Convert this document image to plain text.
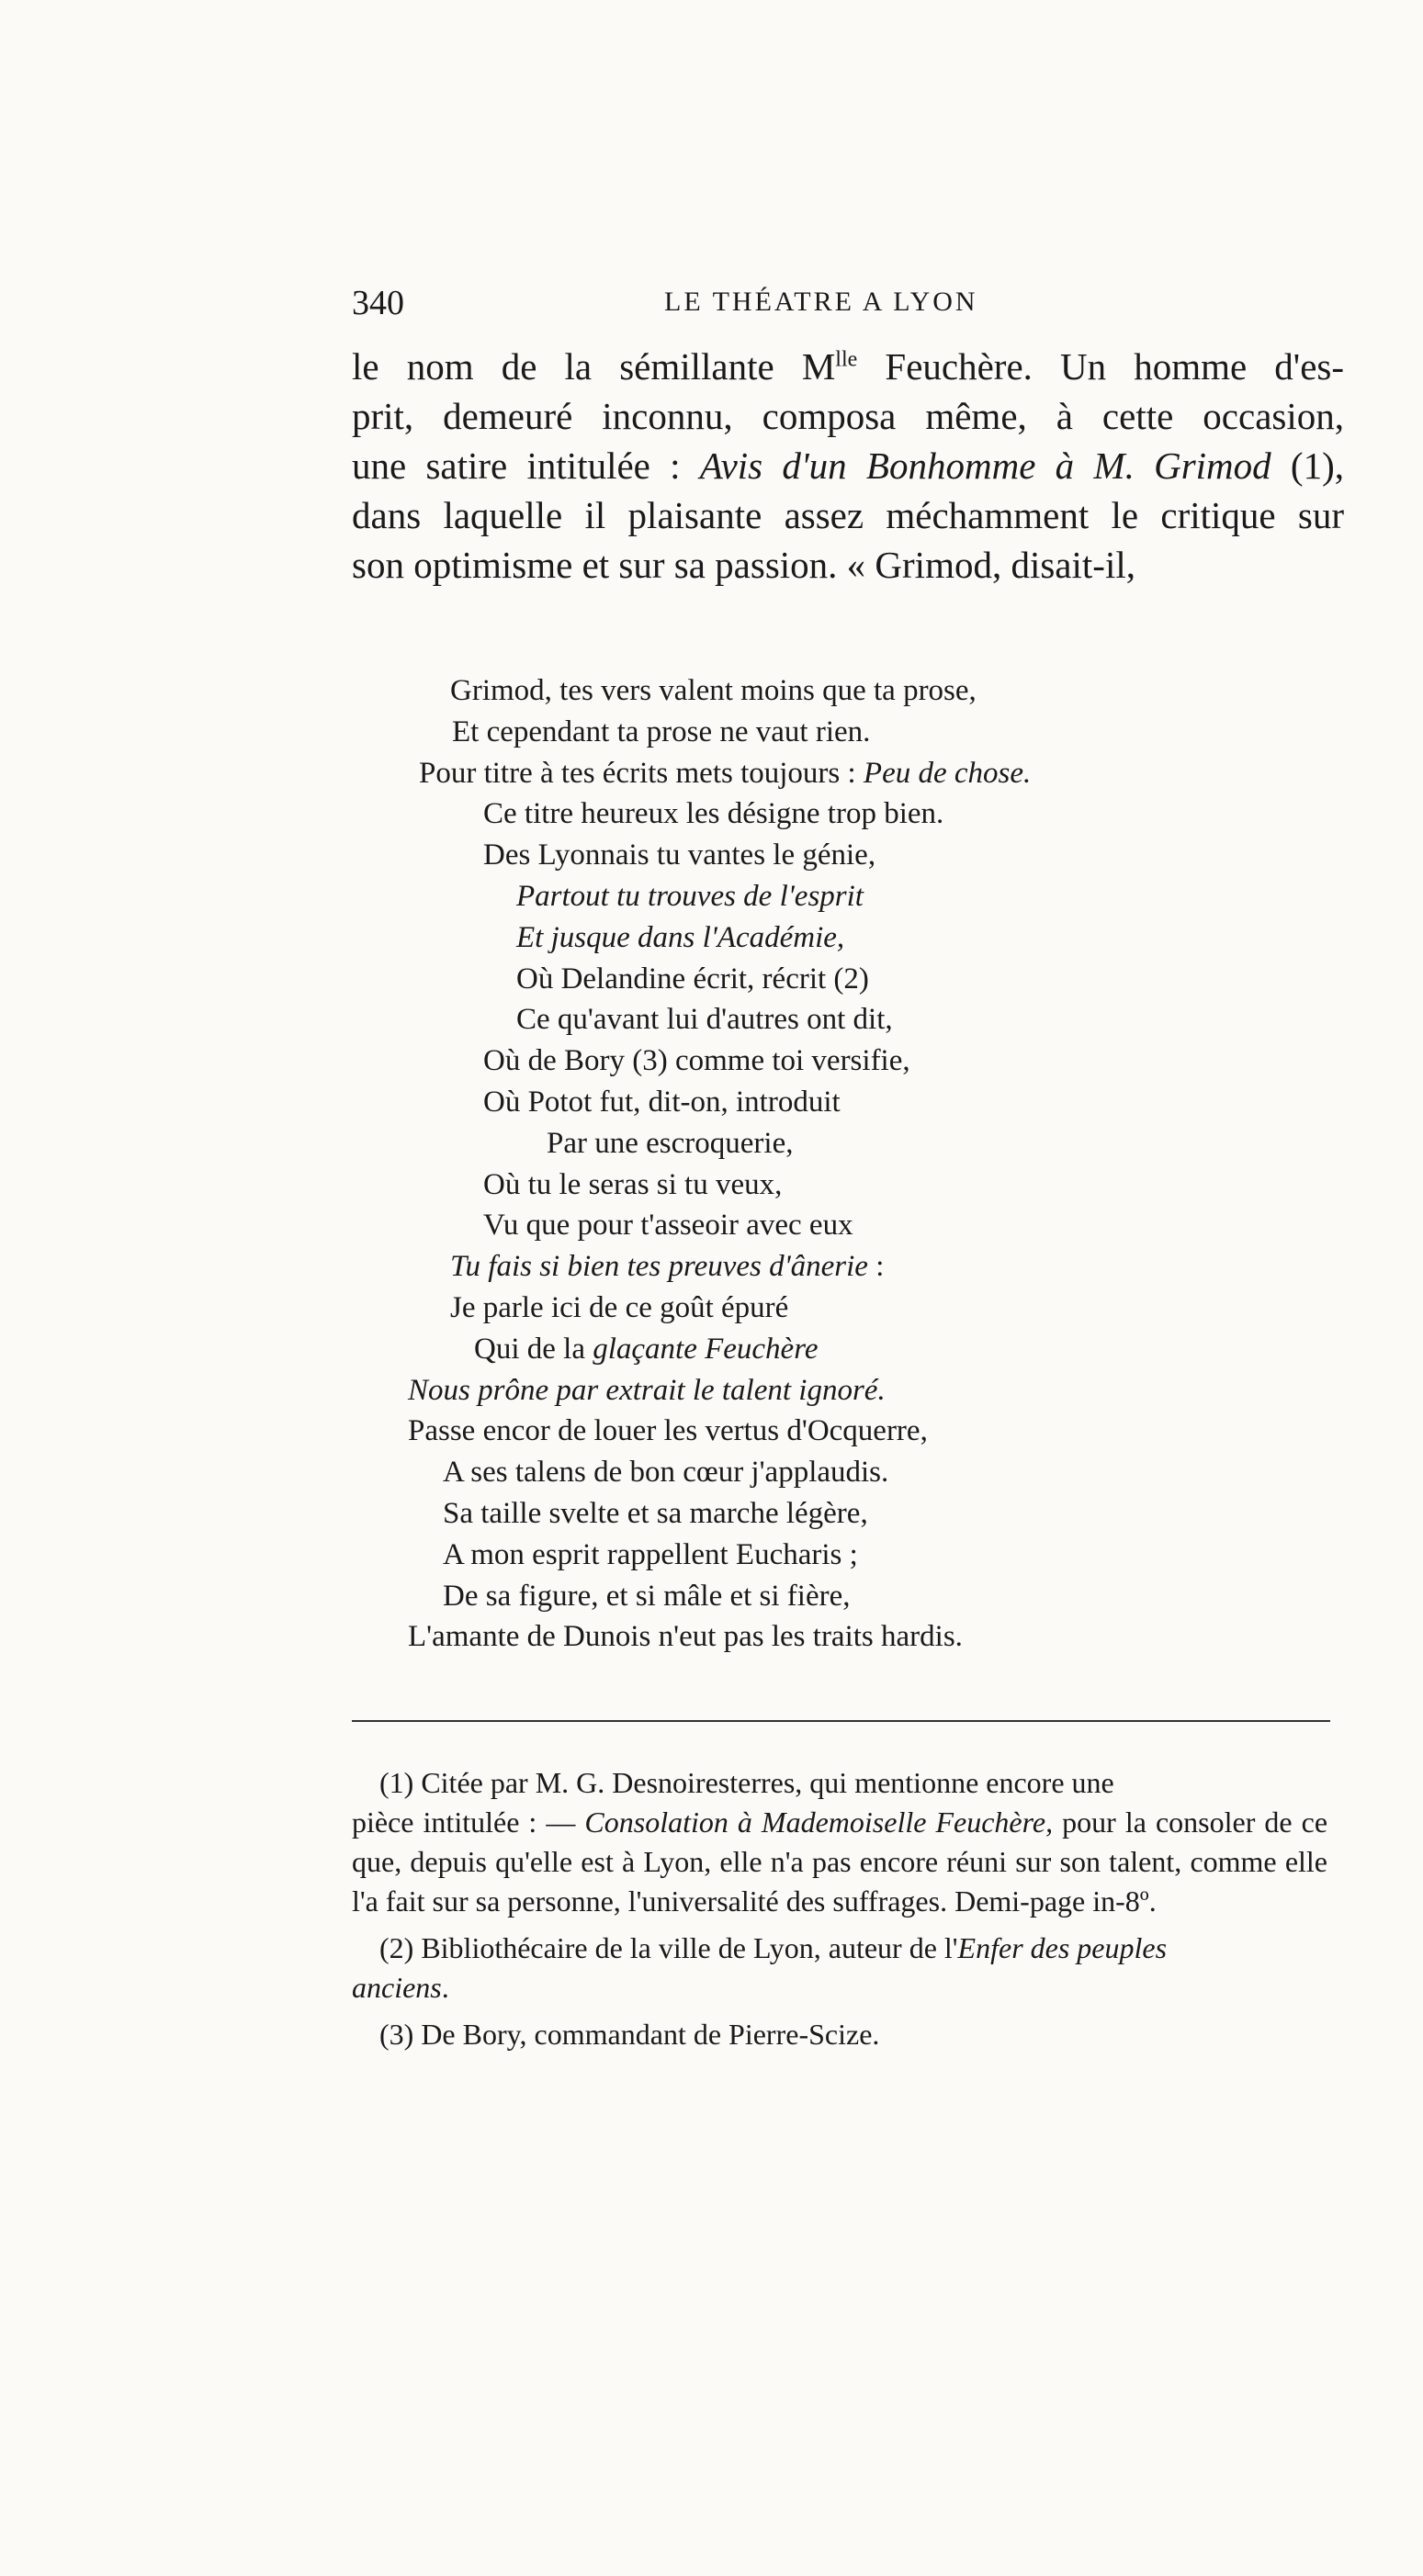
340	LE THÉATRE A LYON
le nom de la sémillante $M^{lle}$ Feuchère. Un homme d'es-
prit, demeuré inconnu, composa même, à cette occasion,
une satire intitulée : Avis d'un Bonhomme à M. Grimod (1),
dans laquelle il plaisante assez méchamment le critique sur
son optimisme et sur sa passion. « Grimod, disait-il,
Grimod, tes vers valent moins que ta prose,
Et cependant ta prose ne vaut rien.
Pour titre à tes écrits mets toujours : Peu de chose.
Ce titre heureux les désigne trop bien.
Des Lyonnais tu vantes le génie,
Partout tu trouves de l'esprit
Et jusque dans l'Académie,
Où Delandine écrit, récrit (2)
Ce qu'avant lui d'autres ont dit,
Où de Bory (3) comme toi versifie,
Où Potot fut, dit-on, introduit
Par une escroquerie,
Où tu le seras si tu veux,
Vu que pour t'asseoir avec eux
Tu fais si bien tes preuves d'ânerie :
Je parle ici de ce goût épuré
Qui de la glaçante Feuchère
Nous prône par extrait le talent ignoré.
Passe encor de louer les vertus d'Ocquerre,
A ses talens de bon cœur j'applaudis.
Sa taille svelte et sa marche légère,
A mon esprit rappellent Eucharis ;
De sa figure, et si mâle et si fière,
L'amante de Dunois n'eut pas les traits hardis.
(1) Citée par M. G. Desnoiresterres, qui mentionne encore une
pièce intitulée : — Consolation à Mademoiselle Feuchère, pour la consoler de ce que, depuis qu'elle est à Lyon, elle n'a pas encore réuni sur son talent, comme elle l'a fait sur sa personne, l'universalité des suffrages. Demi-page in-8º.
(2) Bibliothécaire de la ville de Lyon, auteur de l'Enfer des peuples
anciens.
(3) De Bory, commandant de Pierre-Scize.
